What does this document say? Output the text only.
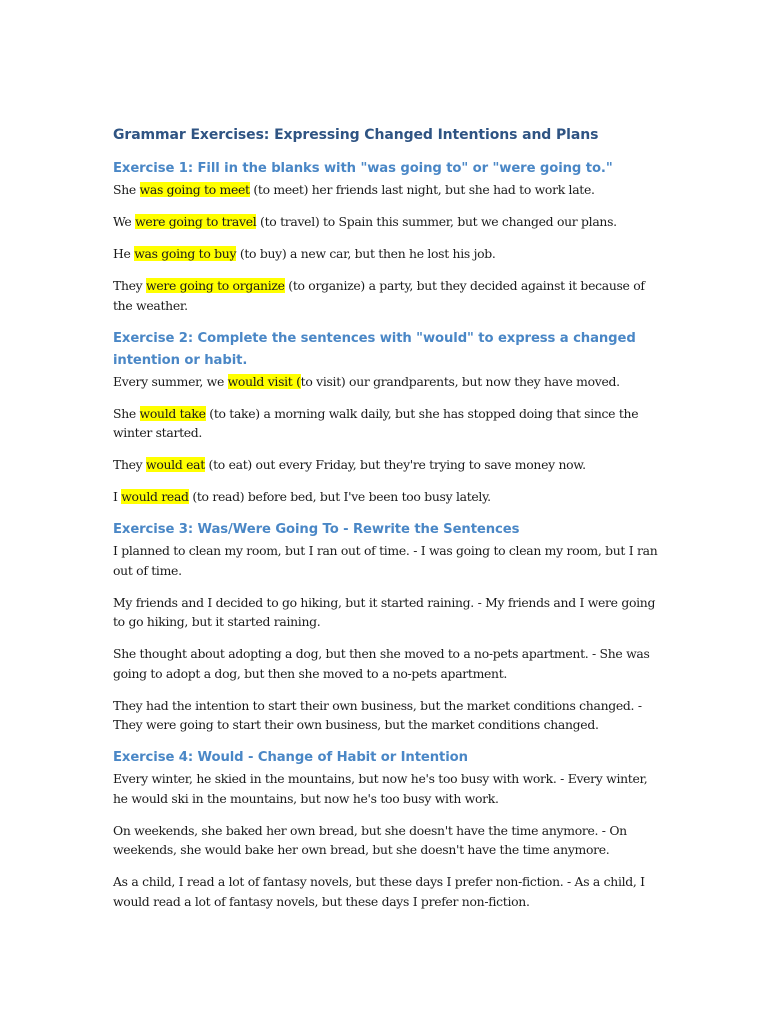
Grammar Exercises: Expressing Changed Intentions and Plans
Exercise 1: Fill in the blanks with "was going to" or "were going to."

She was going to meet (to meet) her friends last night, but she had to work late.

We were going to travel (to travel) to Spain this summer, but we changed our plans.

He was going to buy (to buy) a new car, but then he lost his job.

They were going to organize (to organize) a party, but they decided against it because of the weather.

Exercise 2: Complete the sentences with "would" to express a changed intention or habit.

Every summer, we would visit (to visit) our grandparents, but now they have moved.

She would take (to take) a morning walk daily, but she has stopped doing that since the winter started.

They would eat (to eat) out every Friday, but they're trying to save money now.

I would read (to read) before bed, but I've been too busy lately.

Exercise 3: Was/Were Going To - Rewrite the Sentences

I planned to clean my room, but I ran out of time. - I was going to clean my room, but I ran out of time.

My friends and I decided to go hiking, but it started raining. - My friends and I were going to go hiking, but it started raining.

She thought about adopting a dog, but then she moved to a no-pets apartment. - She was going to adopt a dog, but then she moved to a no-pets apartment.

They had the intention to start their own business, but the market conditions changed. - They were going to start their own business, but the market conditions changed.

Exercise 4: Would - Change of Habit or Intention

Every winter, he skied in the mountains, but now he's too busy with work. - Every winter, he would ski in the mountains, but now he's too busy with work.

On weekends, she baked her own bread, but she doesn't have the time anymore. - On weekends, she would bake her own bread, but she doesn't have the time anymore.

As a child, I read a lot of fantasy novels, but these days I prefer non-fiction. - As a child, I would read a lot of fantasy novels, but these days I prefer non-fiction.
